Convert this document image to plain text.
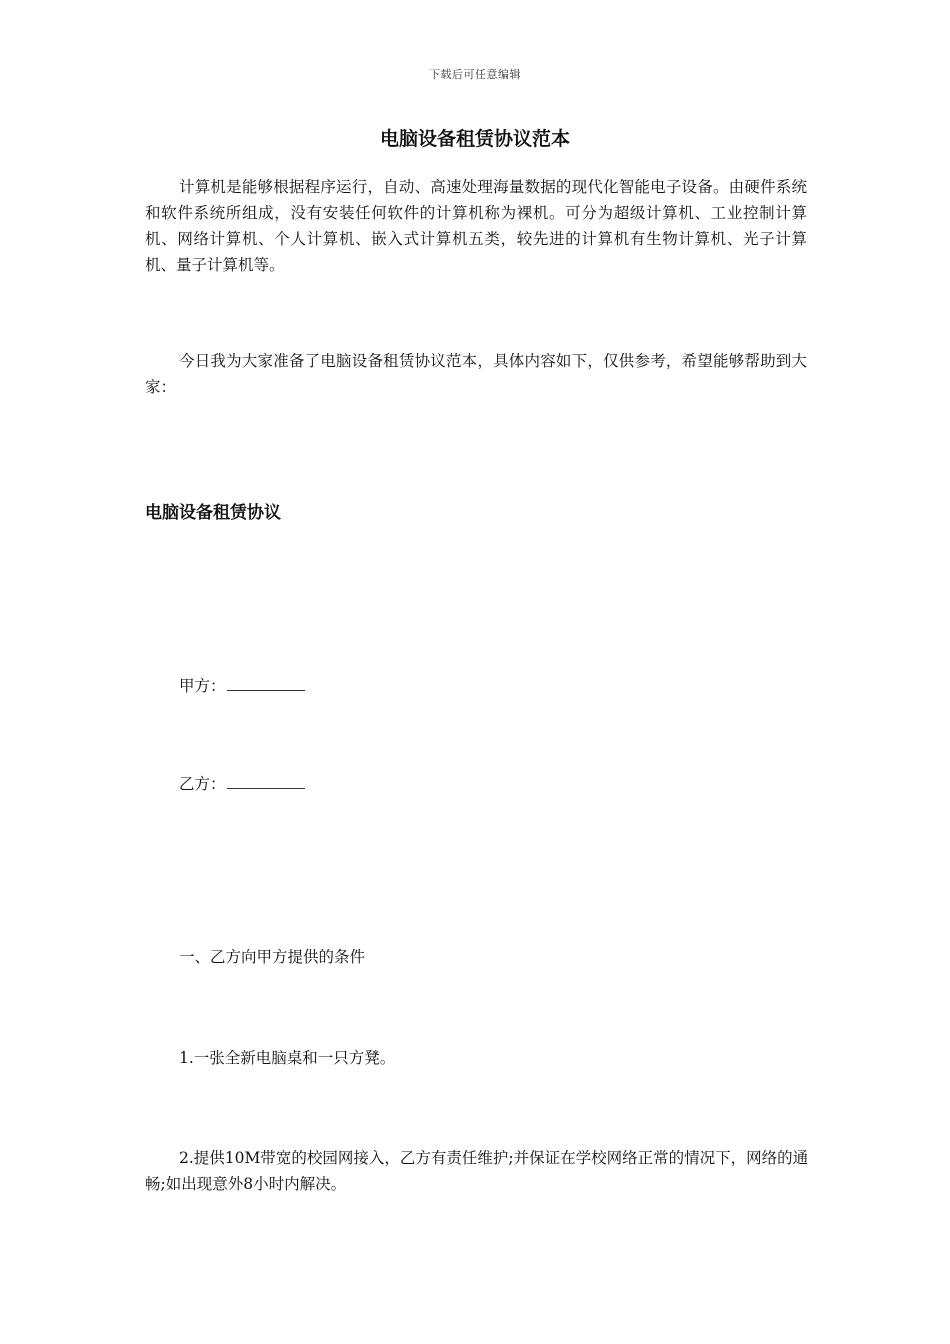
下载后可任意编辑
电脑设备租赁协议范本

计算机是能够根据程序运行，自动、高速处理海量数据的现代化智能电子设备。由硬件系统和软件系统所组成，没有安装任何软件的计算机称为裸机。可分为超级计算机、工业控制计算机、网络计算机、个人计算机、嵌入式计算机五类，较先进的计算机有生物计算机、光子计算机、量子计算机等。

今日我为大家准备了电脑设备租赁协议范本，具体内容如下，仅供参考，希望能够帮助到大家：

电脑设备租赁协议

甲方：

乙方：

一、乙方向甲方提供的条件

1.一张全新电脑桌和一只方凳。

2.提供10M带宽的校园网接入，乙方有责任维护;并保证在学校网络正常的情况下，网络的通畅;如出现意外8小时内解决。
